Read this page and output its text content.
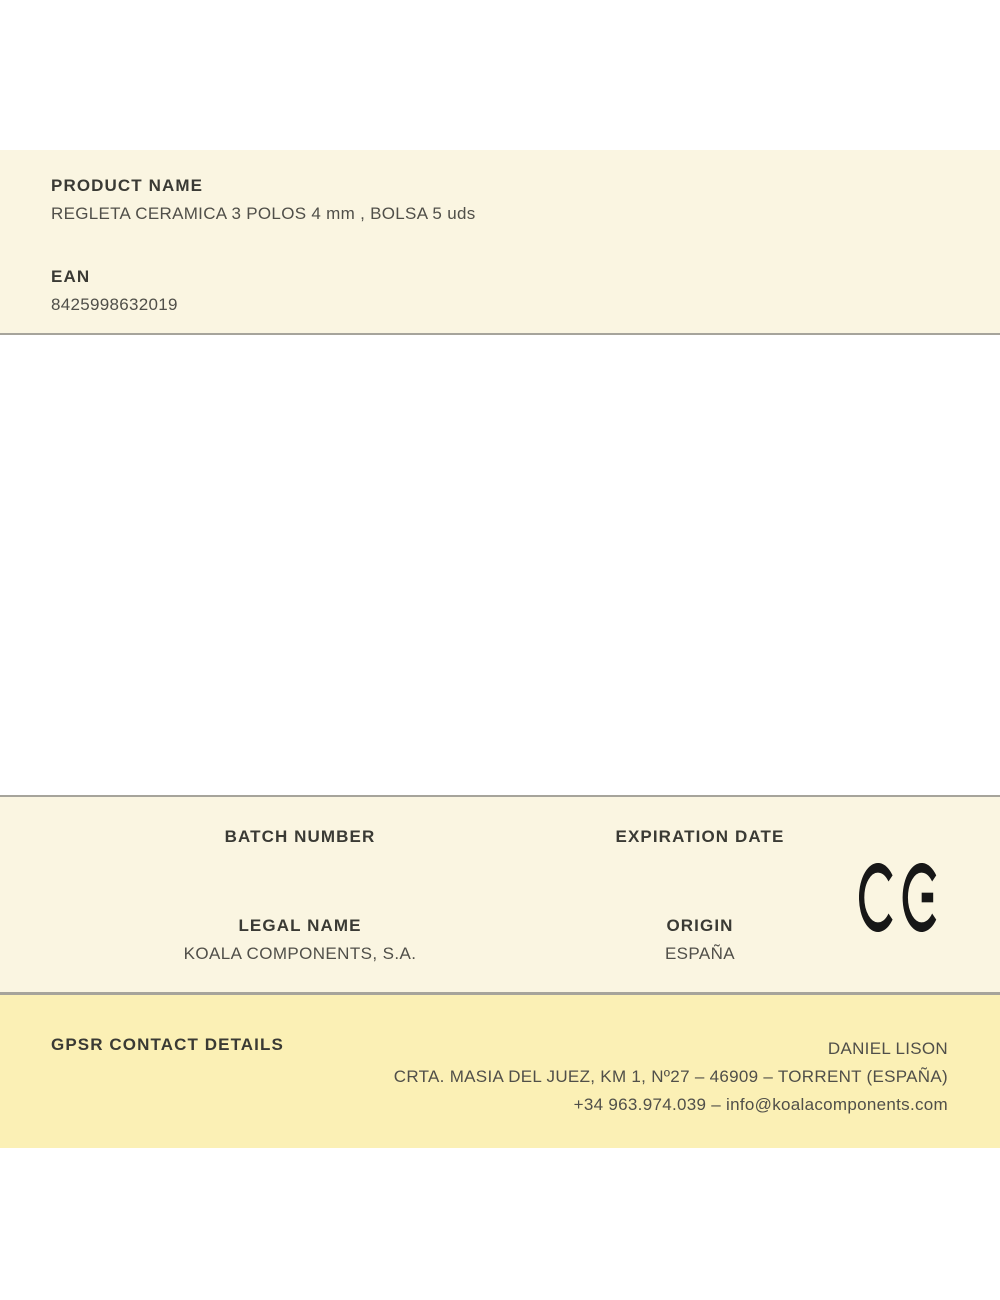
PRODUCT NAME
REGLETA CERAMICA 3 POLOS 4 mm , BOLSA 5 uds
EAN
8425998632019
BATCH NUMBER	EXPIRATION DATE
LEGAL NAME
KOALA COMPONENTS, S.A.
ORIGIN
ESPAÑA
GPSR CONTACT DETAILS	DANIEL LISON
CRTA. MASIA DEL JUEZ, KM 1, Nº27 – 46909 – TORRENT (ESPAÑA)
+34 963.974.039 – info@koalacomponents.com
